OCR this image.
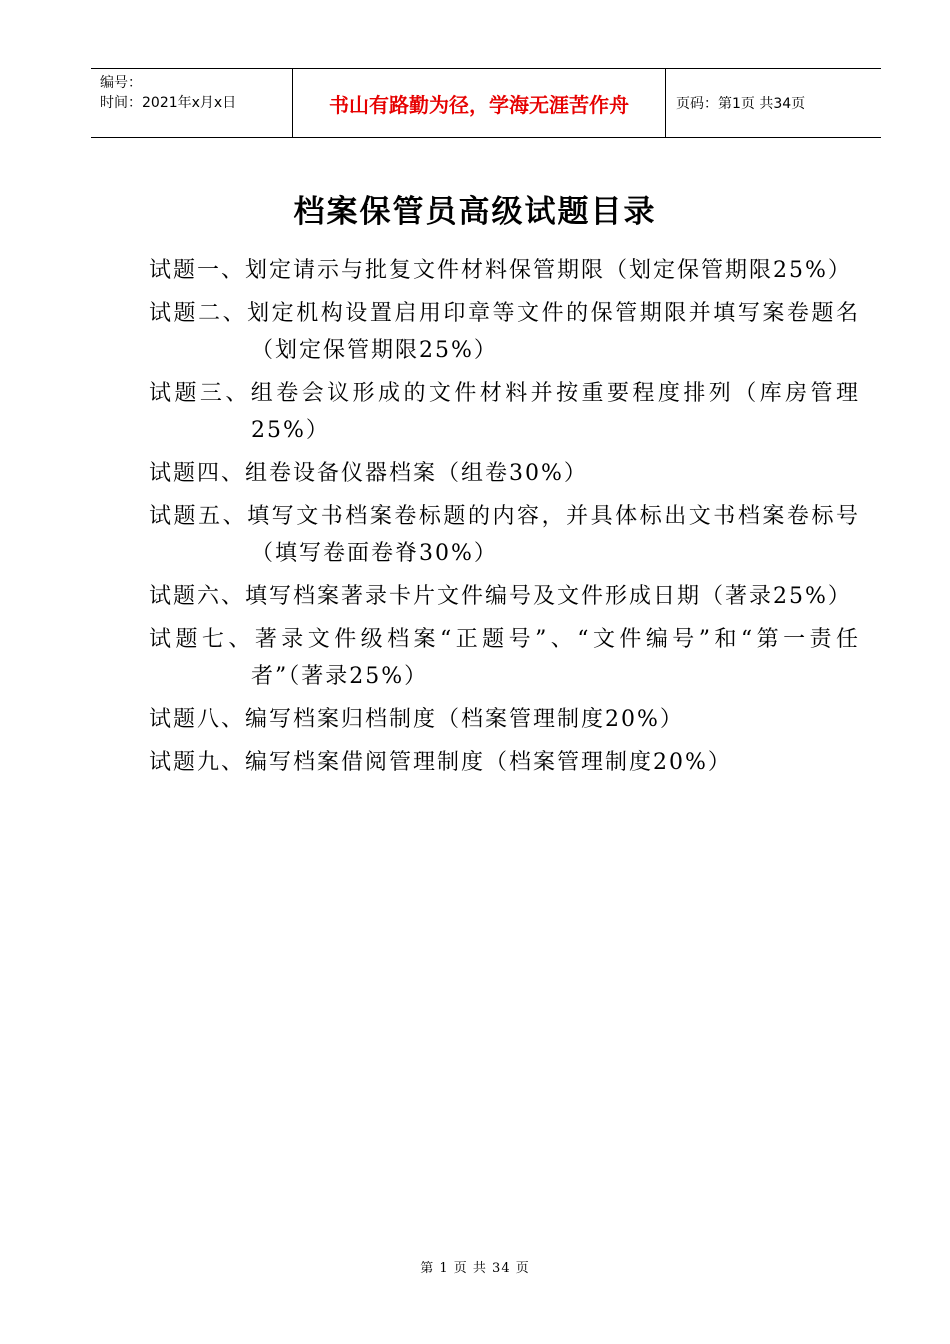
编号：
时间：2021年x月x日	书山有路勤为径，学海无涯苦作舟	页码：第1页 共34页
档案保管员高级试题目录

试题一、划定请示与批复文件材料保管期限（划定保管期限25%）

试题二、划定机构设置启用印章等文件的保管期限并填写案卷题名（划定保管期限25%）

试题三、组卷会议形成的文件材料并按重要程度排列（库房管理25%）

试题四、组卷设备仪器档案（组卷30%）

试题五、填写文书档案卷标题的内容，并具体标出文书档案卷标号（填写卷面卷脊30%）

试题六、填写档案著录卡片文件编号及文件形成日期（著录25%）

试题七、著录文件级档案“正题号”、“文件编号”和“第一责任者”（著录25%）

试题八、编写档案归档制度（档案管理制度20%）

试题九、编写档案借阅管理制度（档案管理制度20%）

第 1 页 共 34 页
